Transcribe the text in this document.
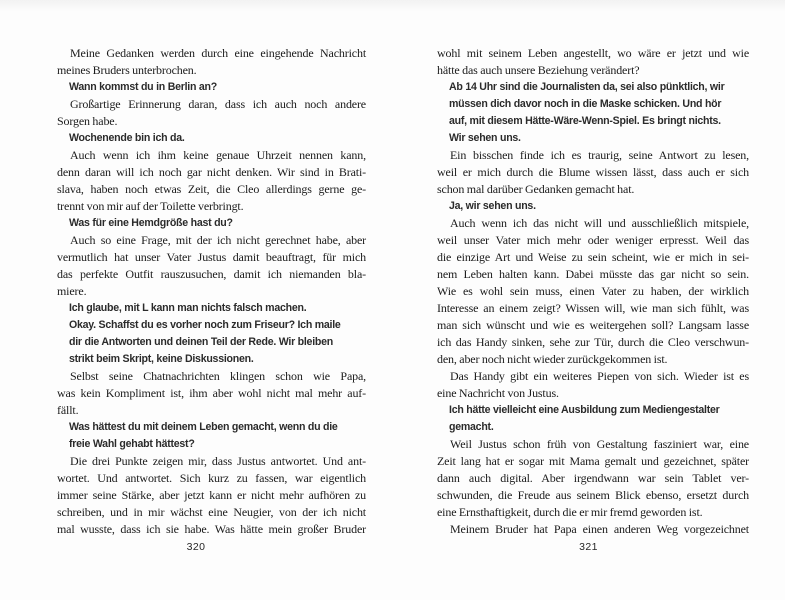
Meine Gedanken werden durch eine eingehende Nachricht
meines Bruders unterbrochen.
Wann kommst du in Berlin an?
Großartige Erinnerung daran, dass ich auch noch andere
Sorgen habe.
Wochenende bin ich da.
Auch wenn ich ihm keine genaue Uhrzeit nennen kann,
denn daran will ich noch gar nicht denken. Wir sind in Brati-
slava, haben noch etwas Zeit, die Cleo allerdings gerne ge-
trennt von mir auf der Toilette verbringt.
Was für eine Hemdgröße hast du?
Auch so eine Frage, mit der ich nicht gerechnet habe, aber
vermutlich hat unser Vater Justus damit beauftragt, für mich
das perfekte Outfit rauszusuchen, damit ich niemanden bla-
miere.
Ich glaube, mit L kann man nichts falsch machen.
Okay. Schaffst du es vorher noch zum Friseur? Ich maile
dir die Antworten und deinen Teil der Rede. Wir bleiben
strikt beim Skript, keine Diskussionen.
Selbst seine Chatnachrichten klingen schon wie Papa,
was kein Kompliment ist, ihm aber wohl nicht mal mehr auf-
fällt.
Was hättest du mit deinem Leben gemacht, wenn du die
freie Wahl gehabt hättest?
Die drei Punkte zeigen mir, dass Justus antwortet. Und ant-
wortet. Und antwortet. Sich kurz zu fassen, war eigentlich
immer seine Stärke, aber jetzt kann er nicht mehr aufhören zu
schreiben, und in mir wächst eine Neugier, von der ich nicht
mal wusste, dass ich sie habe. Was hätte mein großer Bruder
320
wohl mit seinem Leben angestellt, wo wäre er jetzt und wie
hätte das auch unsere Beziehung verändert?
Ab 14 Uhr sind die Journalisten da, sei also pünktlich, wir
müssen dich davor noch in die Maske schicken. Und hör
auf, mit diesem Hätte-Wäre-Wenn-Spiel. Es bringt nichts.
Wir sehen uns.
Ein bisschen finde ich es traurig, seine Antwort zu lesen,
weil er mich durch die Blume wissen lässt, dass auch er sich
schon mal darüber Gedanken gemacht hat.
Ja, wir sehen uns.
Auch wenn ich das nicht will und ausschließlich mitspiele,
weil unser Vater mich mehr oder weniger erpresst. Weil das
die einzige Art und Weise zu sein scheint, wie er mich in sei-
nem Leben halten kann. Dabei müsste das gar nicht so sein.
Wie es wohl sein muss, einen Vater zu haben, der wirklich
Interesse an einem zeigt? Wissen will, wie man sich fühlt, was
man sich wünscht und wie es weitergehen soll? Langsam lasse
ich das Handy sinken, sehe zur Tür, durch die Cleo verschwun-
den, aber noch nicht wieder zurückgekommen ist.
Das Handy gibt ein weiteres Piepen von sich. Wieder ist es
eine Nachricht von Justus.
Ich hätte vielleicht eine Ausbildung zum Mediengestalter
gemacht.
Weil Justus schon früh von Gestaltung fasziniert war, eine
Zeit lang hat er sogar mit Mama gemalt und gezeichnet, später
dann auch digital. Aber irgendwann war sein Tablet ver-
schwunden, die Freude aus seinem Blick ebenso, ersetzt durch
eine Ernsthaftigkeit, durch die er mir fremd geworden ist.
Meinem Bruder hat Papa einen anderen Weg vorgezeichnet
321
